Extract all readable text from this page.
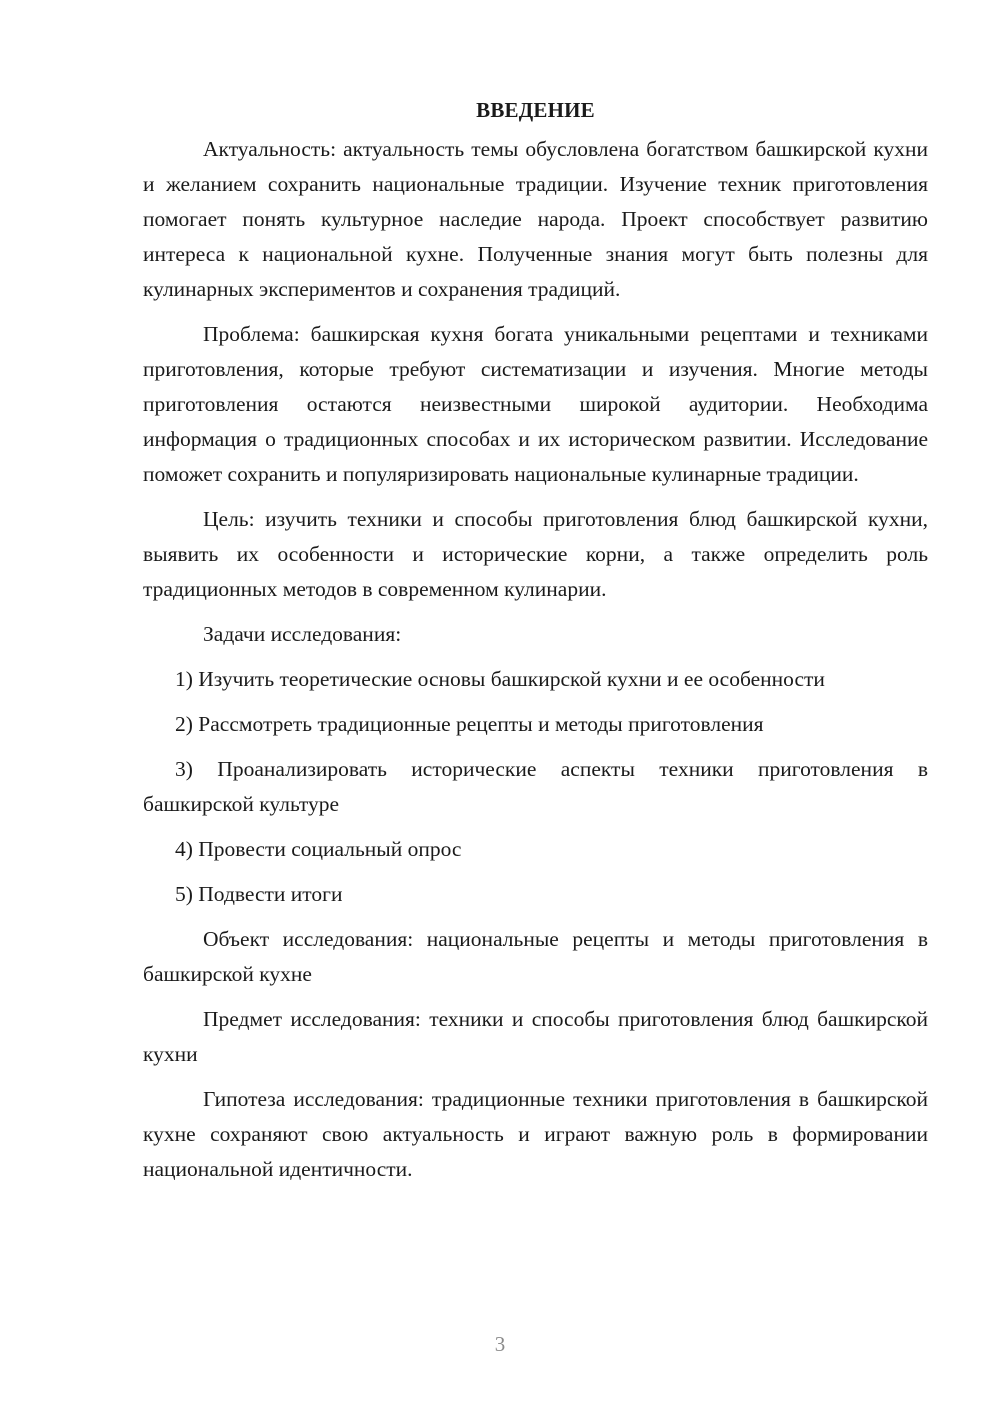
ВВЕДЕНИЕ

Актуальность: актуальность темы обусловлена богатством башкирской кухни и желанием сохранить национальные традиции. Изучение техник приготовления помогает понять культурное наследие народа. Проект способствует развитию интереса к национальной кухне. Полученные знания могут быть полезны для кулинарных экспериментов и сохранения традиций.

Проблема: башкирская кухня богата уникальными рецептами и техниками приготовления, которые требуют систематизации и изучения. Многие методы приготовления остаются неизвестными широкой аудитории. Необходима информация о традиционных способах и их историческом развитии. Исследование поможет сохранить и популяризировать национальные кулинарные традиции.

Цель: изучить техники и способы приготовления блюд башкирской кухни, выявить их особенности и исторические корни, а также определить роль традиционных методов в современном кулинарии.

Задачи исследования:

1) Изучить теоретические основы башкирской кухни и ее особенности

2) Рассмотреть традиционные рецепты и методы приготовления

3) Проанализировать исторические аспекты техники приготовления в башкирской культуре

4) Провести социальный опрос

5) Подвести итоги

Объект исследования: национальные рецепты и методы приготовления в башкирской кухне

Предмет исследования: техники и способы приготовления блюд башкирской кухни

Гипотеза исследования: традиционные техники приготовления в башкирской кухне сохраняют свою актуальность и играют важную роль в формировании национальной идентичности.

3
